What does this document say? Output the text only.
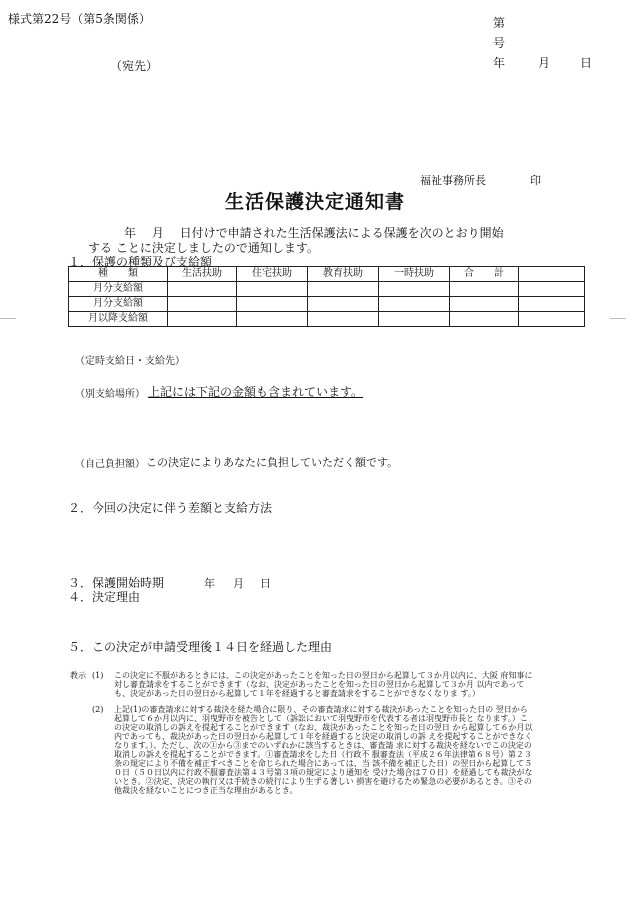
様式第22号（第5条関係）	第
号
年	月 日
（宛先）
福祉事務所長	印
生活保護決定通知書
年　 月　 日付けで申請された生活保護法による保護を次のとおり開始
する ことに決定しましたので通知します。
１．保護の種類及び支給額
種　　類	生活扶助	住宅扶助	教育扶助	一時扶助	合　　計	
月分支給額						
月分支給額						
月以降支給額						
（定時支給日・支給先）
（別支給場所） 上記には下記の金額も含まれています。
（自己負担額） この決定によりあなたに負担していただく額です。
２．今回の決定に伴う差額と支給方法
３．保護開始時期	年 月 日
４．決定理由
５．この決定が申請受理後１４日を経過した理由
教示 (1) この決定に不服があるときには、この決定があったことを知った日の翌日から起算して３か月以内に、大阪 府知事に対し審査請求をすることができます（なお、決定があったことを知った日の翌日から起算して３か月 以内であっても、決定があった日の翌日から起算して１年を経過すると審査請求をすることができなくなりま す。）
(2) 上記(1)の審査請求に対する裁決を経た場合に限り、その審査請求に対する裁決があったことを知った日の 翌日から起算して６か月以内に、羽曳野市を被告として（訴訟において羽曳野市を代表する者は羽曳野市長と なります。）この決定の取消しの訴えを提起することができます（なお、裁決があったことを知った日の翌日 から起算して６か月以内であっても、裁決があった日の翌日から起算して１年を経過すると決定の取消しの訴 えを提起することができなくなります。）。ただし、次の①から③までのいずれかに該当するときは、審査請 求に対する裁決を経ないでこの決定の取消しの訴えを提起することができます。①審査請求をした日（行政不 服審査法（平成２６年法律第６８号）第２３条の規定により不備を補正すべきことを命じられた場合にあっては、当 該不備を補正した日）の翌日から起算して５０日（５０日以内に行政不服審査法第４３号第３項の規定により通知を 受けた場合は７０日）を経過しても裁決がないとき。②決定、決定の執行又は手続きの続行により生ずる著しい 損害を避けるため緊急の必要があるとき。③その他裁決を経ないことにつき正当な理由があるとき。
